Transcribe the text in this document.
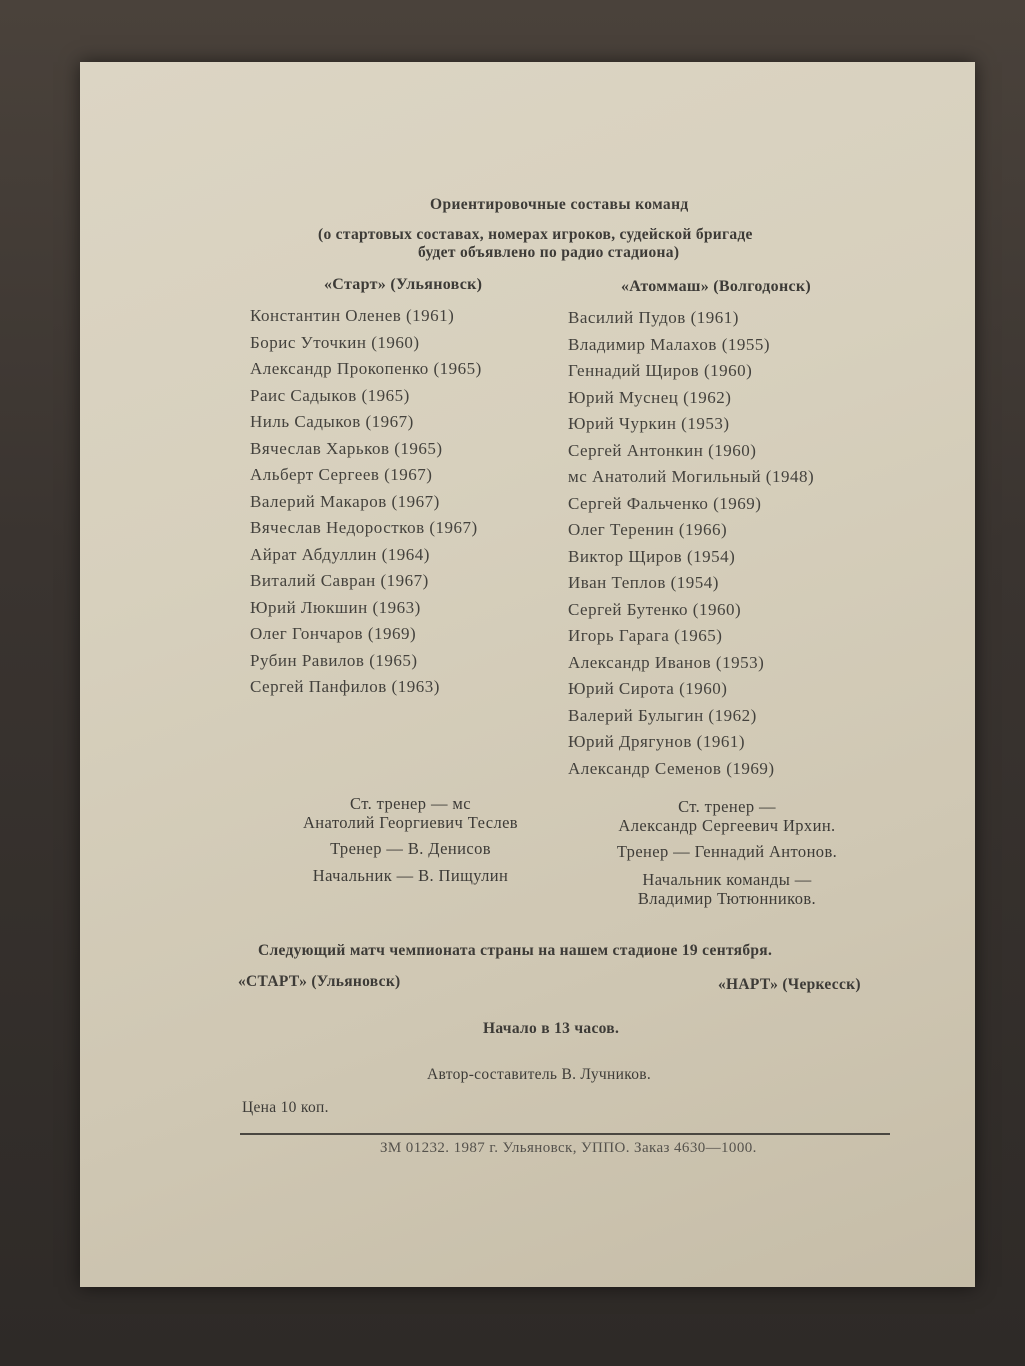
Ориентировочные составы команд
(о стартовых составах, номерах игроков, судейской бригаде
будет объявлено по радио стадиона)
«Старт» (Ульяновск)	«Атоммаш» (Волгодонск)
Константин Оленев (1961)
Борис Уточкин (1960)
Александр Прокопенко (1965)
Раис Садыков (1965)
Ниль Садыков (1967)
Вячеслав Харьков (1965)
Альберт Сергеев (1967)
Валерий Макаров (1967)
Вячеслав Недоростков (1967)
Айрат Абдуллин (1964)
Виталий Савран (1967)
Юрий Люкшин (1963)
Олег Гончаров (1969)
Рубин Равилов (1965)
Сергей Панфилов (1963)
Василий Пудов (1961)
Владимир Малахов (1955)
Геннадий Щиров (1960)
Юрий Муснец (1962)
Юрий Чуркин (1953)
Сергей Антонкин (1960)
мс Анатолий Могильный (1948)
Сергей Фальченко (1969)
Олег Теренин (1966)
Виктор Щиров (1954)
Иван Теплов (1954)
Сергей Бутенко (1960)
Игорь Гарага (1965)
Александр Иванов (1953)
Юрий Сирота (1960)
Валерий Булыгин (1962)
Юрий Дрягунов (1961)
Александр Семенов (1969)
Ст. тренер — мс
Анатолий Георгиевич Теслев
Тренер — В. Денисов
Начальник — В. Пищулин
Ст. тренер —
Александр Сергеевич Ирхин.
Тренер — Геннадий Антонов.
Начальник команды —
Владимир Тютюнников.
Следующий матч чемпионата страны на нашем стадионе 19 сентября.
«СТАРТ» (Ульяновск)	«НАРТ» (Черкесск)
Начало в 13 часов.
Автор-составитель В. Лучников.
Цена 10 коп.
ЗМ 01232. 1987 г. Ульяновск, УППО. Заказ 4630—1000.
